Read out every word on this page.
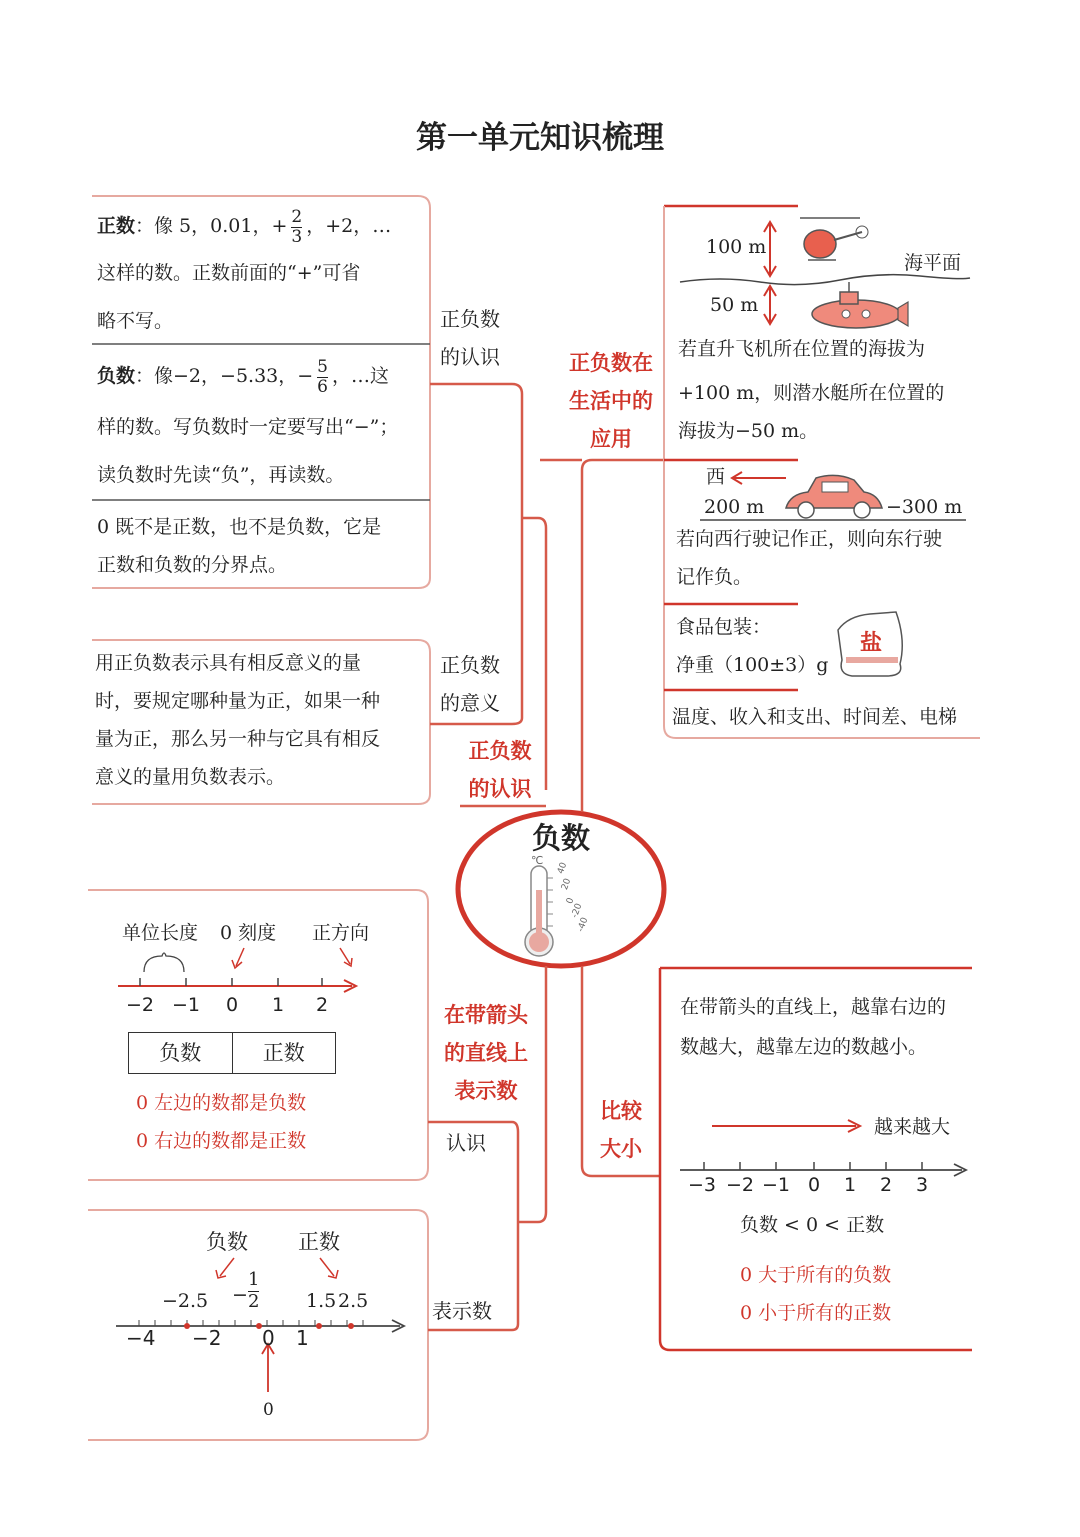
第一单元知识梳理
正数：像 5，0.01，+ $\frac{2}{3}$ ，+2，…
这样的数。正数前面的“+”可省
略不写。
负数：像−2，−5.33，− $\frac{5}{6}$ ，…这
样的数。写负数时一定要写出“−”；
读负数时先读“负”，再读数。
0 既不是正数，也不是负数，它是
正数和负数的分界点。
正负数
的认识
用正负数表示具有相反意义的量
时，要规定哪种量为正，如果一种
量为正，那么另一种与它具有相反
意义的量用负数表示。
正负数
的意义
正负数
的认识
负数
℃
40
20
0
-20
-40
正负数在
生活中的
应用
100 m
海平面
50 m
若直升飞机所在位置的海拔为
+100 m，则潜水艇所在位置的
海拔为−50 m。
西
200 m	−300 m
若向西行驶记作正，则向东行驶
记作负。
食品包装：
净重（100±3）g
盐
温度、收入和支出、时间差、电梯
单位长度 0 刻度 正方向
−2 −1 0 1 2
负数	正数
0 左边的数都是负数
0 右边的数都是正数	认识
在带箭头
的直线上
表示数
负数 正数
−2.5 −
1
2 1.5 2.5
−4 −2 0 1
0
表示数
比较
大小
在带箭头的直线上，越靠右边的
数越大，越靠左边的数越小。
越来越大
−3 −2 −1 0 1 2 3
负数 < 0 < 正数
0 大于所有的负数
0 小于所有的正数
